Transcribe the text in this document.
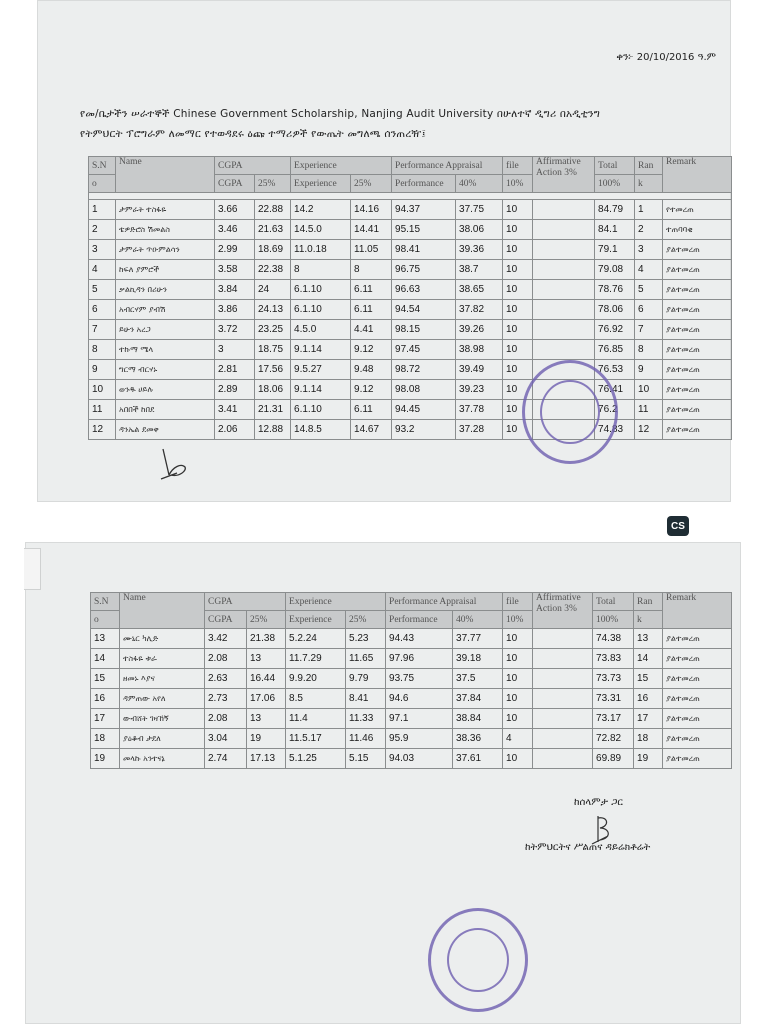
ቀን፦ 20/10/2016 ዓ.ም
የመ/ቤታችን ሠራተኞች Chinese Government Scholarship, Nanjing Audit University በሁለተኛ ዲግሪ በአዲቲንግ
የትምህርት ፕሮግራም ለመማር የተወዳደሩ ዕጩ ተማሪዎች የውጤት መግለጫ ሰንጠረዥ፤
S.N	Name	CGPA		Experience		Performance Appraisal		file	Affirmative Action 3%	Total	Ran	Remark
o		CGPA	25%	Experience	25%	Performance	40%	10%		100%	k	

1	ታምራት ተስፋዬ	3.66	22.88	14.2	14.16	94.37	37.75	10		84.79	1	የተመረጠ
2	ቴዎድሮስ ሽመልስ	3.46	21.63	14.5.0	14.41	95.15	38.06	10		84.1	2	ተጠባባቂ
3	ታምራት ጥዑምልሳን	2.99	18.69	11.0.18	11.05	98.41	39.36	10		79.1	3	ያልተመረጠ
4	ከፍለ ያምሮች	3.58	22.38	8	8	96.75	38.7	10		79.08	4	ያልተመረጠ
5	ቃልኪዳን በሪሁን	3.84	24	6.1.10	6.11	96.63	38.65	10		78.76	5	ያልተመረጠ
6	አብርሃም ያብሽ	3.86	24.13	6.1.10	6.11	94.54	37.82	10		78.06	6	ያልተመረጠ
7	ይሁን አረጋ	3.72	23.25	4.5.0	4.41	98.15	39.26	10		76.92	7	ያልተመረጠ
8	ተኩማ ሜላ	3	18.75	9.1.14	9.12	97.45	38.98	10		76.85	8	ያልተመረጠ
9	ግርማ ብርሃኑ	2.81	17.56	9.5.27	9.48	98.72	39.49	10		76.53	9	ያልተመረጠ
10	ወንዱ ሀይሉ	2.89	18.06	9.1.14	9.12	98.08	39.23	10		76.41	10	ያልተመረጠ
11	አበበች ከበደ	3.41	21.31	6.1.10	6.11	94.45	37.78	10		76.2	11	ያልተመረጠ
12	ዳንኤል ደመቀ	2.06	12.88	14.8.5	14.67	93.2	37.28	10		74.83	12	ያልተመረጠ
S.N	Name	CGPA		Experience		Performance Appraisal		file	Affirmative Action 3%	Total	Ran	Remark
o		CGPA	25%	Experience	25%	Performance	40%	10%		100%	k	
13	ሙኒር ካሊድ	3.42	21.38	5.2.24	5.23	94.43	37.77	10		74.38	13	ያልተመረጠ
14	ተስፋዬ ቱራ	2.08	13	11.7.29	11.65	97.96	39.18	10		73.83	14	ያልተመረጠ
15	ዘመኑ እያና	2.63	16.44	9.9.20	9.79	93.75	37.5	10		73.73	15	ያልተመረጠ
16	ዳምጠው አየለ	2.73	17.06	8.5	8.41	94.6	37.84	10		73.31	16	ያልተመረጠ
17	ውብሸት ገዛኸኝ	2.08	13	11.4	11.33	97.1	38.84	10		73.17	17	ያልተመረጠ
18	ያዕቆብ ታደለ	3.04	19	11.5.17	11.46	95.9	38.36	4		72.82	18	ያልተመረጠ
19	መላኩ አንተናኔ	2.74	17.13	5.1.25	5.15	94.03	37.61	10		69.89	19	ያልተመረጠ
ከሰላምታ ጋር
ከትምህርትና ሥልጠና ዳይሬክቶሬት
CS
